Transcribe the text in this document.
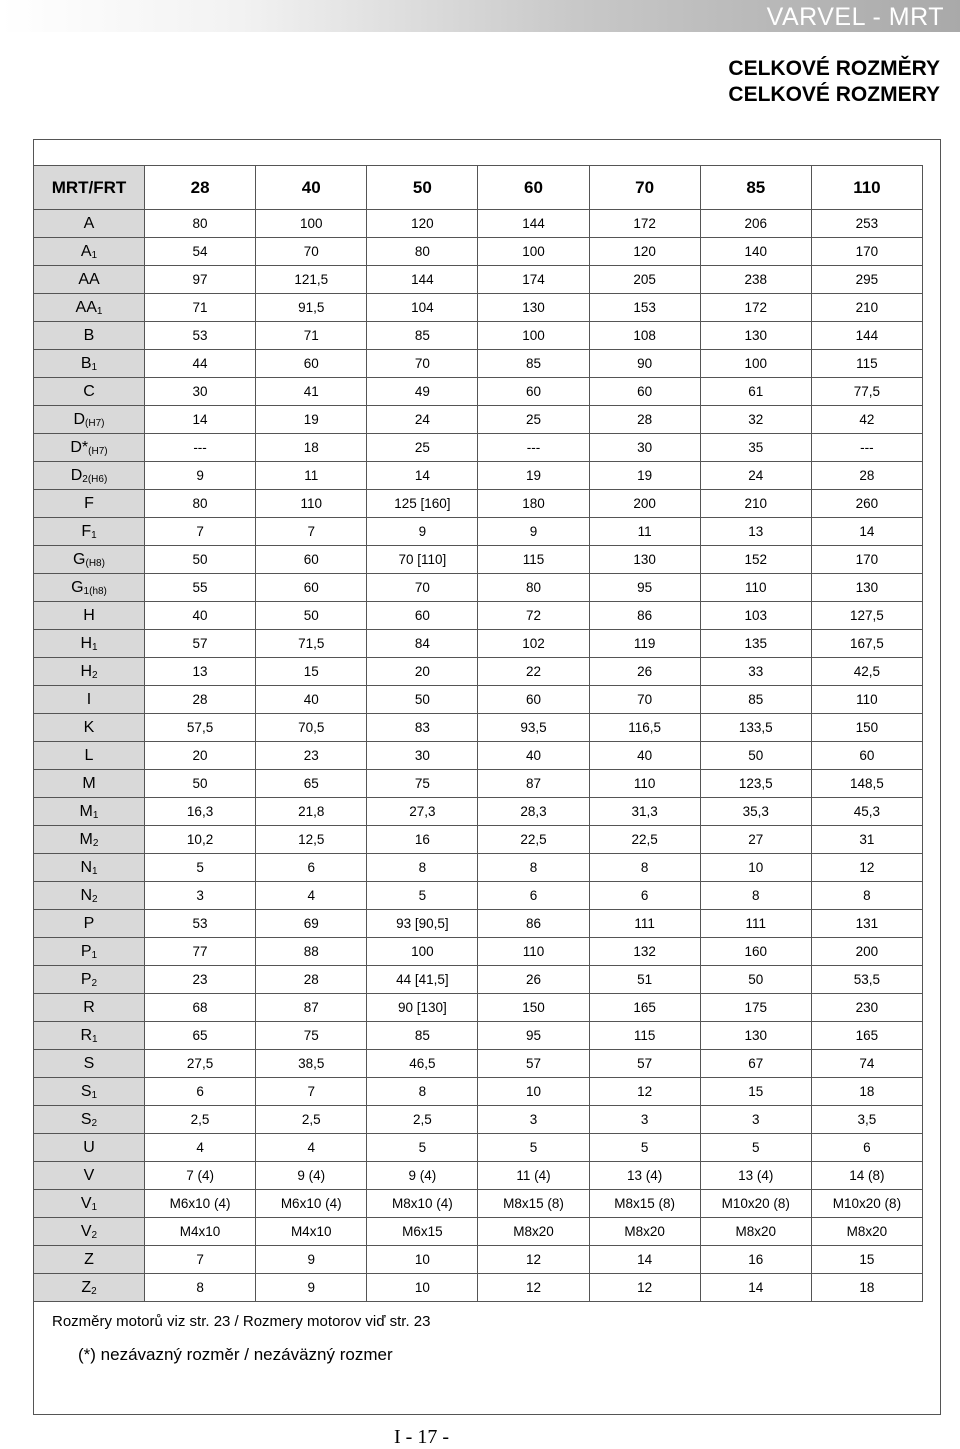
VARVEL - MRT
CELKOVÉ ROZMĚRY
CELKOVÉ ROZMERY
MRT/FRT	28	40	50	60	70	85	110
A	80	100	120	144	172	206	253
$A_1$	54	70	80	100	120	140	170
AA	97	121,5	144	174	205	238	295
$AA_1$	71	91,5	104	130	153	172	210
B	53	71	85	100	108	130	144
$B_1$	44	60	70	85	90	100	115
C	30	41	49	60	60	61	77,5
$D_{(H7)}$	14	19	24	25	28	32	42
$D*_{(H7)}$	---	18	25	---	30	35	---
$D_{2(H6)}$	9	11	14	19	19	24	28
F	80	110	125 [160]	180	200	210	260
$F_1$	7	7	9	9	11	13	14
$G_{(H8)}$	50	60	70 [110]	115	130	152	170
$G_{1(h8)}$	55	60	70	80	95	110	130
H	40	50	60	72	86	103	127,5
$H_1$	57	71,5	84	102	119	135	167,5
$H_2$	13	15	20	22	26	33	42,5
I	28	40	50	60	70	85	110
K	57,5	70,5	83	93,5	116,5	133,5	150
L	20	23	30	40	40	50	60
M	50	65	75	87	110	123,5	148,5
$M_1$	16,3	21,8	27,3	28,3	31,3	35,3	45,3
$M_2$	10,2	12,5	16	22,5	22,5	27	31
$N_1$	5	6	8	8	8	10	12
$N_2$	3	4	5	6	6	8	8
P	53	69	93 [90,5]	86	111	111	131
$P_1$	77	88	100	110	132	160	200
$P_2$	23	28	44 [41,5]	26	51	50	53,5
R	68	87	90 [130]	150	165	175	230
$R_1$	65	75	85	95	115	130	165
S	27,5	38,5	46,5	57	57	67	74
$S_1$	6	7	8	10	12	15	18
$S_2$	2,5	2,5	2,5	3	3	3	3,5
U	4	4	5	5	5	5	6
V	7 (4)	9 (4)	9 (4)	11 (4)	13 (4)	13 (4)	14 (8)
$V_1$	M6x10 (4)	M6x10 (4)	M8x10 (4)	M8x15 (8)	M8x15 (8)	M10x20 (8)	M10x20 (8)
$V_2$	M4x10	M4x10	M6x15	M8x20	M8x20	M8x20	M8x20
Z	7	9	10	12	14	16	15
$Z_2$	8	9	10	12	12	14	18
Rozměry motorů viz str. 23 / Rozmery motorov viď str. 23
(*) nezávazný rozměr / nezáväzný rozmer
I - 17 -
